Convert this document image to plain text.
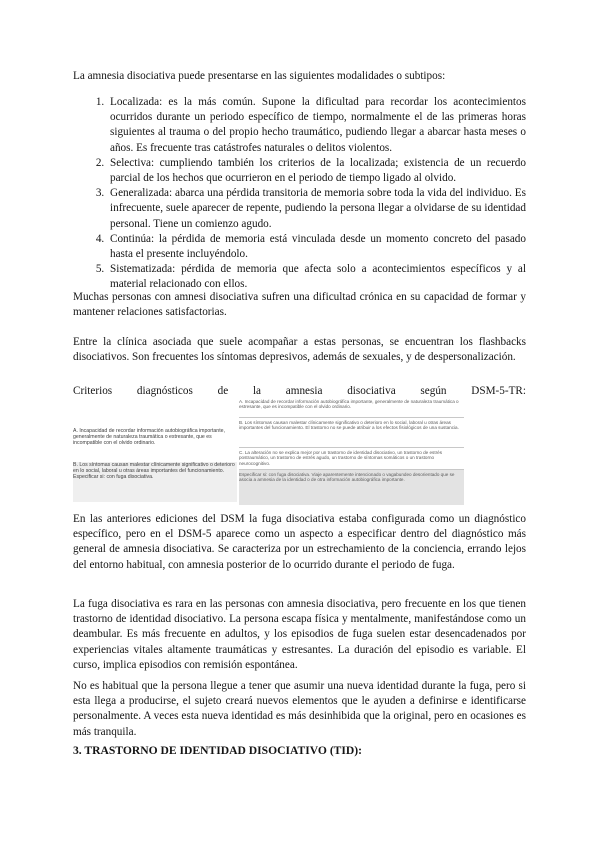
La amnesia disociativa puede presentarse en las siguientes modalidades o subtipos:

1. Localizada: es la más común. Supone la dificultad para recordar los acontecimientos ocurridos durante un periodo específico de tiempo, normalmente el de las primeras horas siguientes al trauma o del propio hecho traumático, pudiendo llegar a abarcar hasta meses o años. Es frecuente tras catástrofes naturales o delitos violentos.
2. Selectiva: cumpliendo también los criterios de la localizada; existencia de un recuerdo parcial de los hechos que ocurrieron en el periodo de tiempo ligado al olvido.
3. Generalizada: abarca una pérdida transitoria de memoria sobre toda la vida del individuo. Es infrecuente, suele aparecer de repente, pudiendo la persona llegar a olvidarse de su identidad personal. Tiene un comienzo agudo.
4. Continúa: la pérdida de memoria está vinculada desde un momento concreto del pasado hasta el presente incluyéndolo.
5. Sistematizada: pérdida de memoria que afecta solo a acontecimientos específicos y al material relacionado con ellos.

Muchas personas con amnesi disociativa sufren una dificultad crónica en su capacidad de formar y mantener relaciones satisfactorias.

Entre la clínica asociada que suele acompañar a estas personas, se encuentran los flashbacks disociativos. Son frecuentes los síntomas depresivos, además de sexuales, y de despersonalización.

Criterios diagnósticos de la amnesia disociativa según DSM-5-TR:

A. Incapacidad de recordar información autobiográfica importante, generalmente de naturaleza traumática o estresante, que es incompatible con el olvido ordinario.
B. Los síntomas causan malestar clínicamente significativo o deterioro en lo social, laboral u otras áreas importantes del funcionamiento. Especificar si: con fuga disociativa.
A. Incapacidad de recordar información autobiográfica importante, generalmente de naturaleza traumática o estresante, que es incompatible con el olvido ordinario.
B. Los síntomas causan malestar clínicamente significativo o deterioro en lo social, laboral u otras áreas importantes del funcionamiento. El trastorno no se puede atribuir a los efectos fisiológicos de una sustancia.
C. La alteración no se explica mejor por un trastorno de identidad disociativo, un trastorno de estrés postraumático, un trastorno de estrés agudo, un trastorno de síntomas somáticos o un trastorno neurocognitivo.
Especificar si: con fuga disociativa. Viaje aparentemente intencionado o vagabundeo desorientado que se asocia a amnesia de la identidad o de otra información autobiográfica importante.

En las anteriores ediciones del DSM la fuga disociativa estaba configurada como un diagnóstico específico, pero en el DSM-5 aparece como un aspecto a especificar dentro del diagnóstico más general de amnesia disociativa. Se caracteriza por un estrechamiento de la conciencia, errando lejos del entorno habitual, con amnesia posterior de lo ocurrido durante el periodo de fuga.

La fuga disociativa es rara en las personas con amnesia disociativa, pero frecuente en los que tienen trastorno de identidad disociativo. La persona escapa física y mentalmente, manifestándose como un deambular. Es más frecuente en adultos, y los episodios de fuga suelen estar desencadenados por experiencias vitales altamente traumáticas y estresantes. La duración del episodio es variable. El curso, implica episodios con remisión espontánea.

No es habitual que la persona llegue a tener que asumir una nueva identidad durante la fuga, pero si esta llega a producirse, el sujeto creará nuevos elementos que le ayuden a definirse e identificarse personalmente. A veces esta nueva identidad es más desinhibida que la original, pero en ocasiones es más tranquila.

3. TRASTORNO DE IDENTIDAD DISOCIATIVO (TID):
